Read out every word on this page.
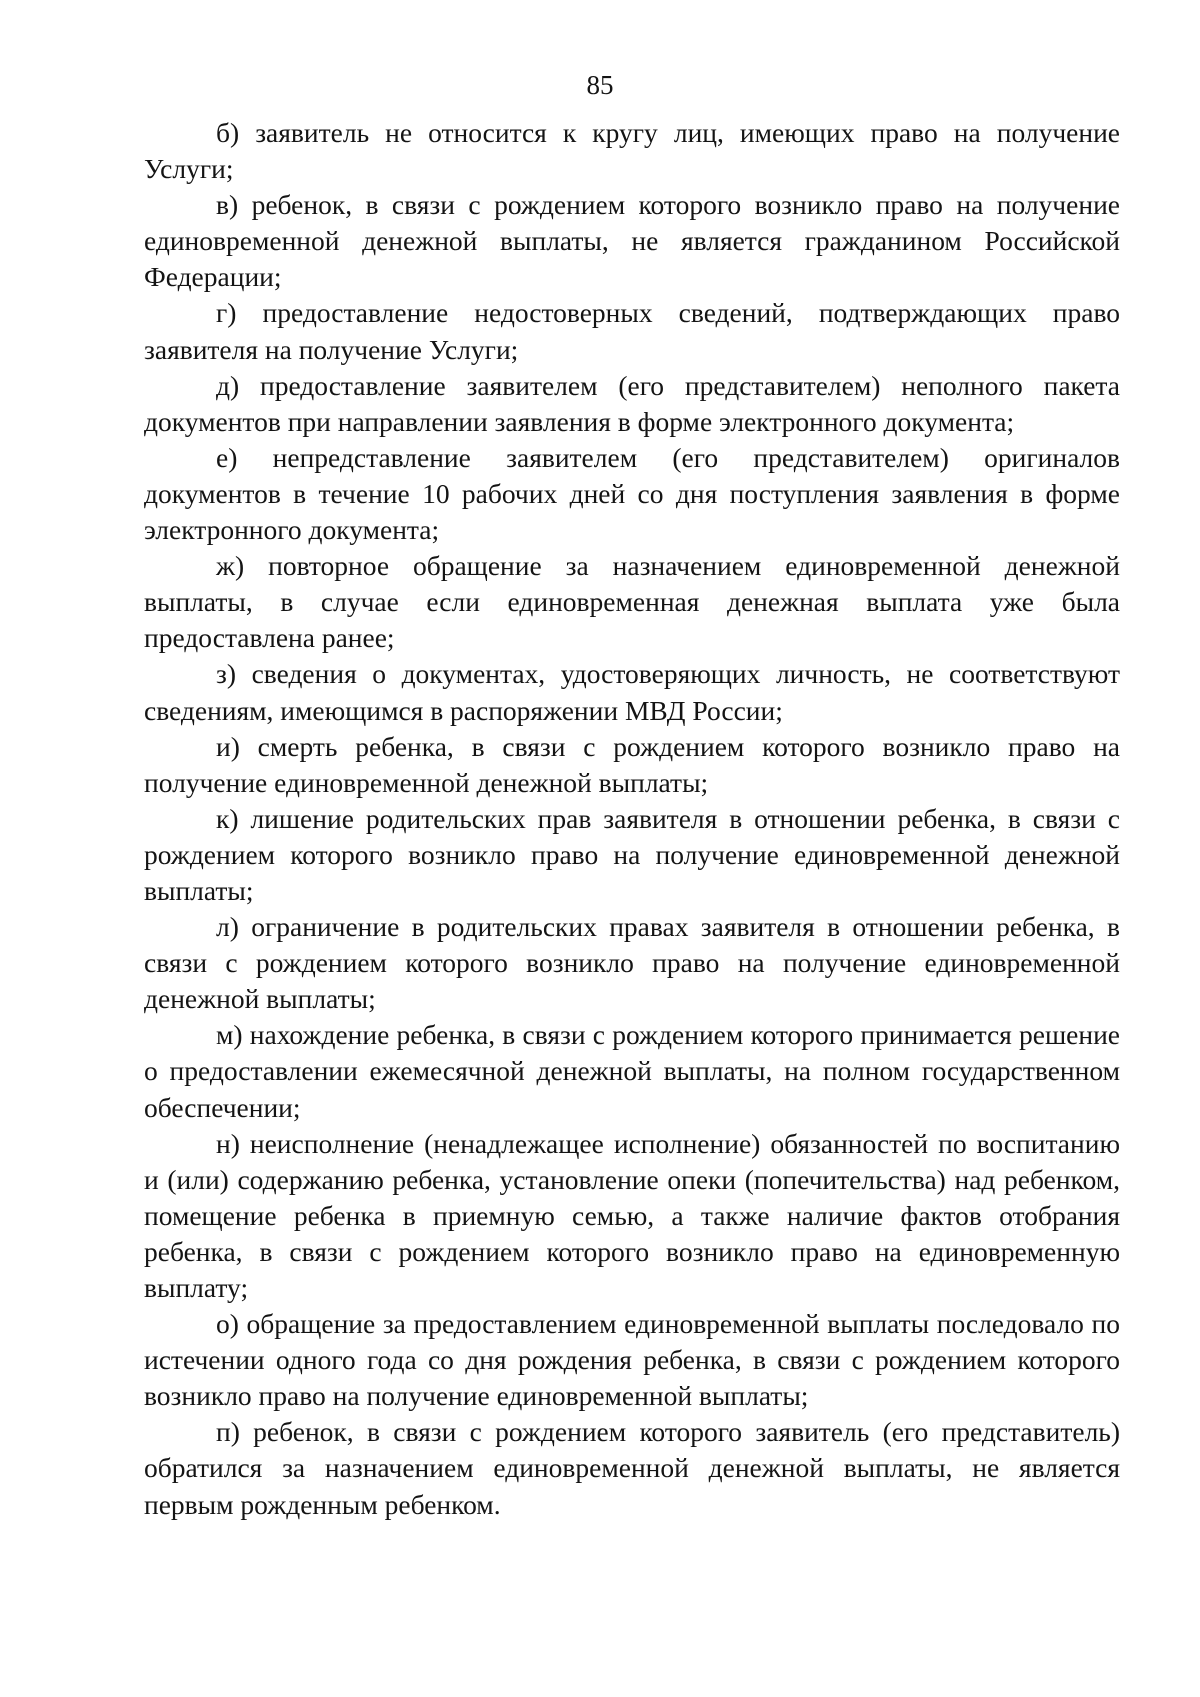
85

б) заявитель не относится к кругу лиц, имеющих право на получение Услуги;

в) ребенок, в связи с рождением которого возникло право на получение единовременной денежной выплаты, не является гражданином Российской Федерации;

г) предоставление недостоверных сведений, подтверждающих право заявителя на получение Услуги;

д) предоставление заявителем (его представителем) неполного пакета документов при направлении заявления в форме электронного документа;

е) непредставление заявителем (его представителем) оригиналов документов в течение 10 рабочих дней со дня поступления заявления в форме электронного документа;

ж) повторное обращение за назначением единовременной денежной выплаты, в случае если единовременная денежная выплата уже была предоставлена ранее;

з) сведения о документах, удостоверяющих личность, не соответствуют сведениям, имеющимся в распоряжении МВД России;

и) смерть ребенка, в связи с рождением которого возникло право на получение единовременной денежной выплаты;

к) лишение родительских прав заявителя в отношении ребенка, в связи с рождением которого возникло право на получение единовременной денежной выплаты;

л) ограничение в родительских правах заявителя в отношении ребенка, в связи с рождением которого возникло право на получение единовременной денежной выплаты;

м) нахождение ребенка, в связи с рождением которого принимается решение о предоставлении ежемесячной денежной выплаты, на полном государственном обеспечении;

н) неисполнение (ненадлежащее исполнение) обязанностей по воспитанию и (или) содержанию ребенка, установление опеки (попечительства) над ребенком, помещение ребенка в приемную семью, а также наличие фактов отобрания ребенка, в связи с рождением которого возникло право на единовременную выплату;

о) обращение за предоставлением единовременной выплаты последовало по истечении одного года со дня рождения ребенка, в связи с рождением которого возникло право на получение единовременной выплаты;

п) ребенок, в связи с рождением которого заявитель (его представитель) обратился за назначением единовременной денежной выплаты, не является первым рожденным ребенком.
